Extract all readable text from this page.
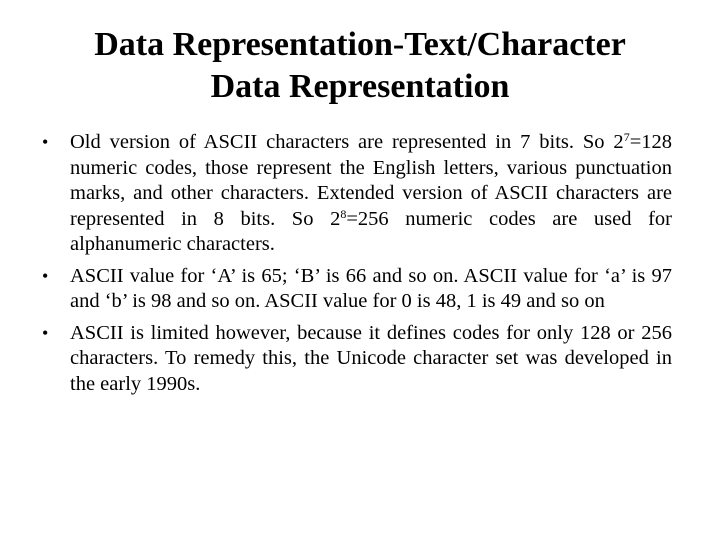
Data Representation-Text/Character
Data Representation
• Old version of ASCII characters are represented in 7 bits. So $2^7=128$ numeric codes, those represent the English letters, various punctuation marks, and other characters. Extended version of ASCII characters are represented in 8 bits. So $2^8=256$ numeric codes are used for alphanumeric characters.
• ASCII value for ‘A’ is 65; ‘B’ is 66 and so on. ASCII value for ‘a’ is 97 and ‘b’ is 98 and so on. ASCII value for 0 is 48, 1 is 49 and so on
• ASCII is limited however, because it defines codes for only 128 or 256 characters. To remedy this, the Unicode character set was developed in the early 1990s.
